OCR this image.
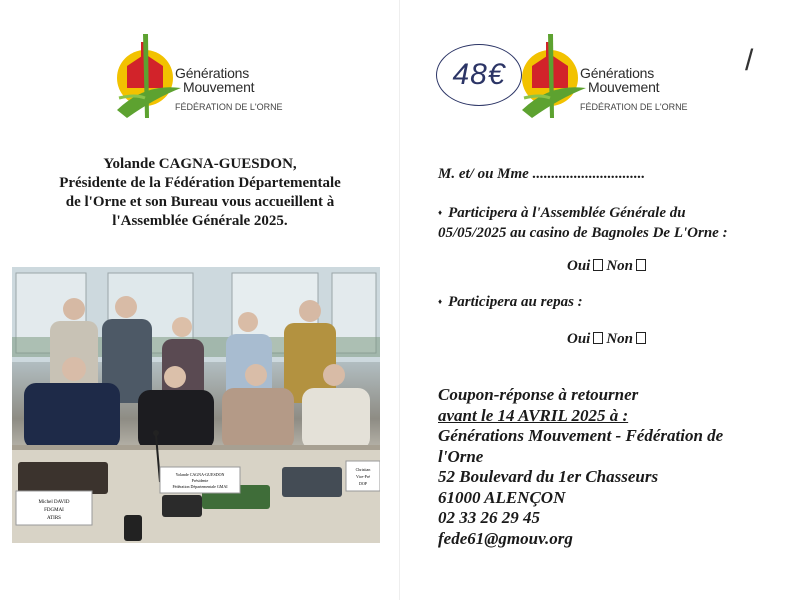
Générations
Mouvement
FÉDÉRATION DE L'ORNE
Générations
Mouvement
FÉDÉRATION DE L'ORNE
Yolande CAGNA-GUESDON,
Présidente de la Fédération Départementale
de l'Orne et son Bureau vous accueillent à
l'Assemblée Générale 2025.
Michel DAVID
FDGMAI
ATIRS
Yolande CAGNA-GUESDON
Présidente
Fédération Départementale GMAI
Christian
Vice-Pré
DOP
48€	/
M. et/ ou Mme ..............................
♦ Participera à l'Assemblée Générale du
05/05/2025 au casino de Bagnoles De L'Orne :
Oui Non
♦ Participera au repas :
Oui Non
Coupon-réponse à retourner
avant le 14 AVRIL 2025 à :
Générations Mouvement - Fédération de
l'Orne
52 Boulevard du 1er Chasseurs
61000 ALENÇON
02 33 26 29 45
fede61@gmouv.org
